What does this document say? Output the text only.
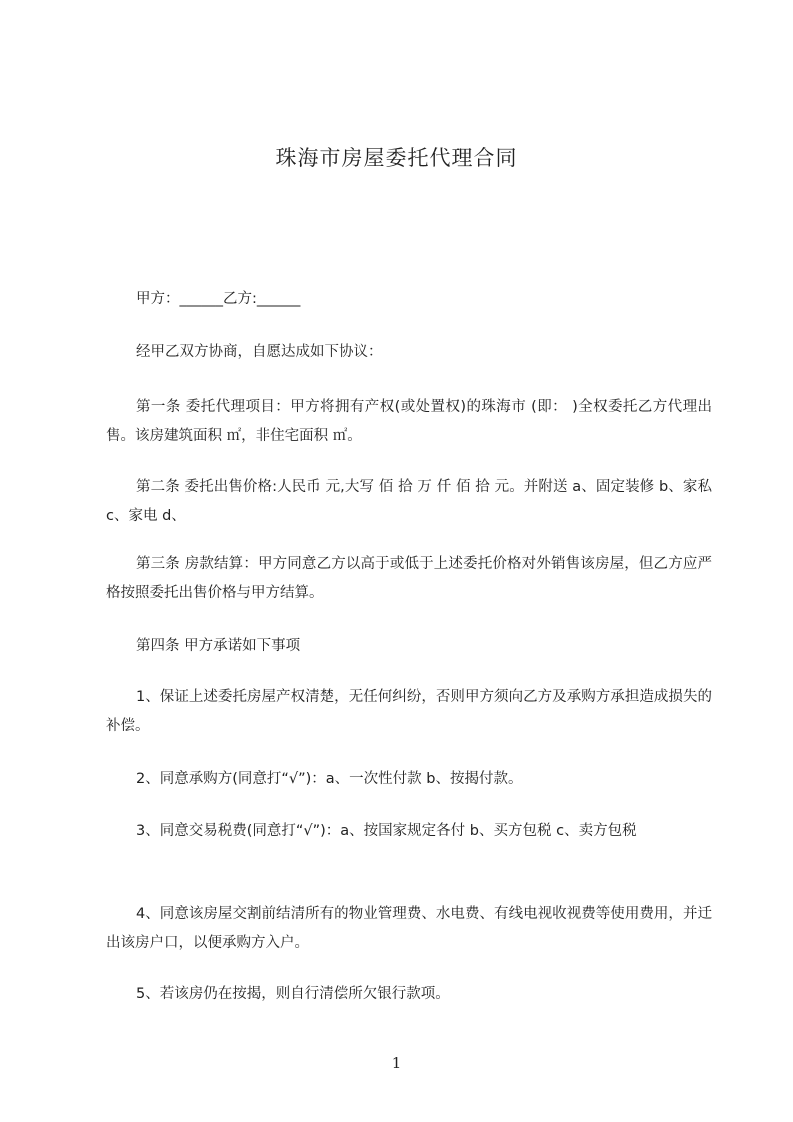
珠海市房屋委托代理合同
甲方：______乙方:______
经甲乙双方协商，自愿达成如下协议：
第一条 委托代理项目：甲方将拥有产权(或处置权)的珠海市 (即： )全权委托乙方代理出售。该房建筑面积 ㎡，非住宅面积 ㎡。
第二条 委托出售价格:人民币 元,大写 佰 拾 万 仟 佰 拾 元。并附送 a、固定装修 b、家私 c、家电 d、
第三条 房款结算：甲方同意乙方以高于或低于上述委托价格对外销售该房屋，但乙方应严格按照委托出售价格与甲方结算。
第四条 甲方承诺如下事项
1、保证上述委托房屋产权清楚，无任何纠纷，否则甲方须向乙方及承购方承担造成损失的补偿。
2、同意承购方(同意打“√”)：a、一次性付款 b、按揭付款。
3、同意交易税费(同意打“√”)：a、按国家规定各付 b、买方包税 c、卖方包税
4、同意该房屋交割前结清所有的物业管理费、水电费、有线电视收视费等使用费用，并迁出该房户口，以便承购方入户。
5、若该房仍在按揭，则自行清偿所欠银行款项。
1
